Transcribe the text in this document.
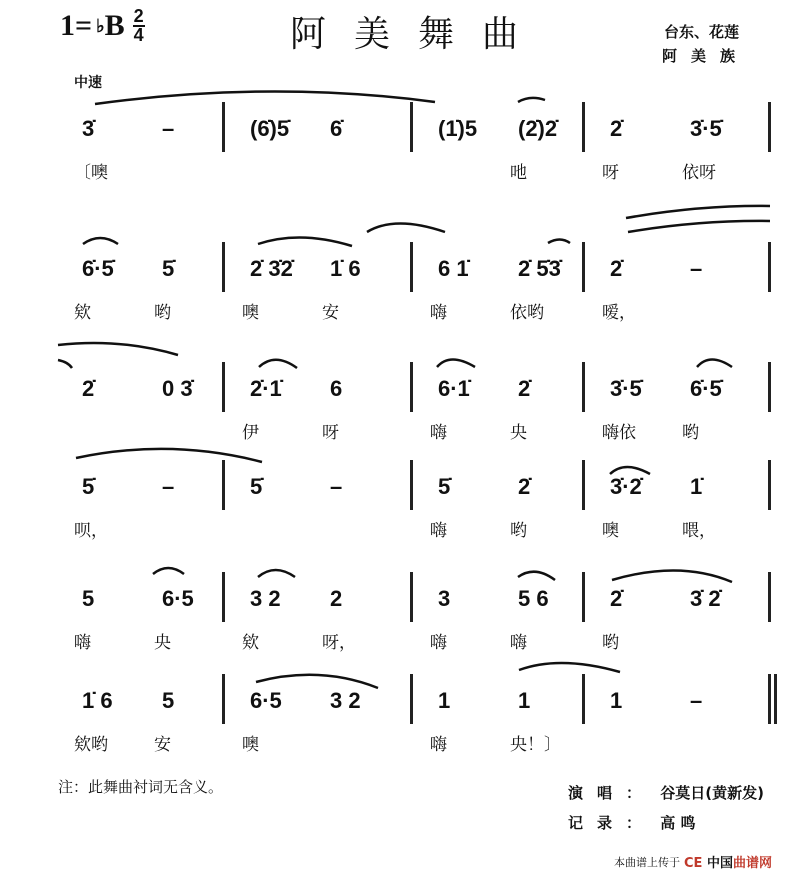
1= ♭ B $\frac{2}{4}$	阿美舞曲	台东、花莲
阿美族
中速
3̇	–
〔噢
(6̇)5̇ 6̇	(1̇)5 (2̇)2̇
吔
2̇	3̇·5̇
呀	依呀
6̇·5̇ 5̇
欸	哟
2̇ 3̇2̇ 1̇ 6
噢	安
6 1̇ 2̇ 5̇3̇
嗨	依哟
2̇	–
嗳，
2̇	0 3̇	2̇·1̇ 6
伊	呀
6·1̇ 2̇
嗨	央
3̇·5̇ 6̇·5̇
嗨依	哟
5̇	–
呗，
5̇	–	5̇	2̇
嗨	哟
3̇·2̇ 1̇
噢	喂，
5	6·5
嗨	央
3 2 2
欸	呀，
3	5 6
嗨	嗨
2̇	3̇ 2̇
哟
1̇ 6 5
欸哟	安
6·5 3 2
噢
1	1
嗨	央！〕
1	–
注：此舞曲衬词无含义。	演唱： 谷莫日(黄新发)
记录： 高 鸣
本曲谱上传于 CE 中国曲谱网
